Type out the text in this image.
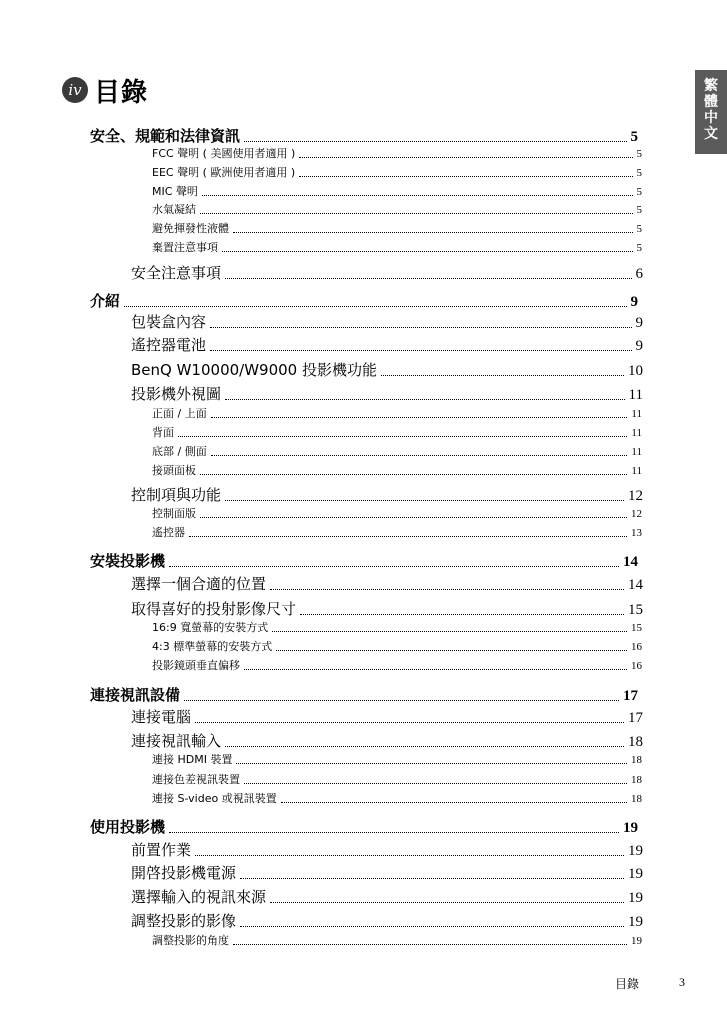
繁體中文
iv 目錄
安全、規範和法律資訊	5
FCC 聲明 ( 美國使用者適用 )	5
EEC 聲明 ( 歐洲使用者適用 )	5
MIC 聲明	5
水氣凝結	5
避免揮發性液體	5
棄置注意事項	5
安全注意事項	6
介紹	9
包裝盒內容	9
遙控器電池	9
BenQ W10000/W9000 投影機功能	10
投影機外視圖	11
正面 / 上面	11
背面	11
底部 / 側面	11
接頭面板	11
控制項與功能	12
控制面版	12
遙控器	13
安裝投影機	14
選擇一個合適的位置	14
取得喜好的投射影像尺寸	15
16:9 寬螢幕的安裝方式	15
4:3 標準螢幕的安裝方式	16
投影鏡頭垂直偏移	16
連接視訊設備	17
連接電腦	17
連接視訊輸入	18
連接 HDMI 裝置	18
連接色差視訊裝置	18
連接 S-video 或視訊裝置	18
使用投影機	19
前置作業	19
開啓投影機電源	19
選擇輸入的視訊來源	19
調整投影的影像	19
調整投影的角度	19
目錄	3
